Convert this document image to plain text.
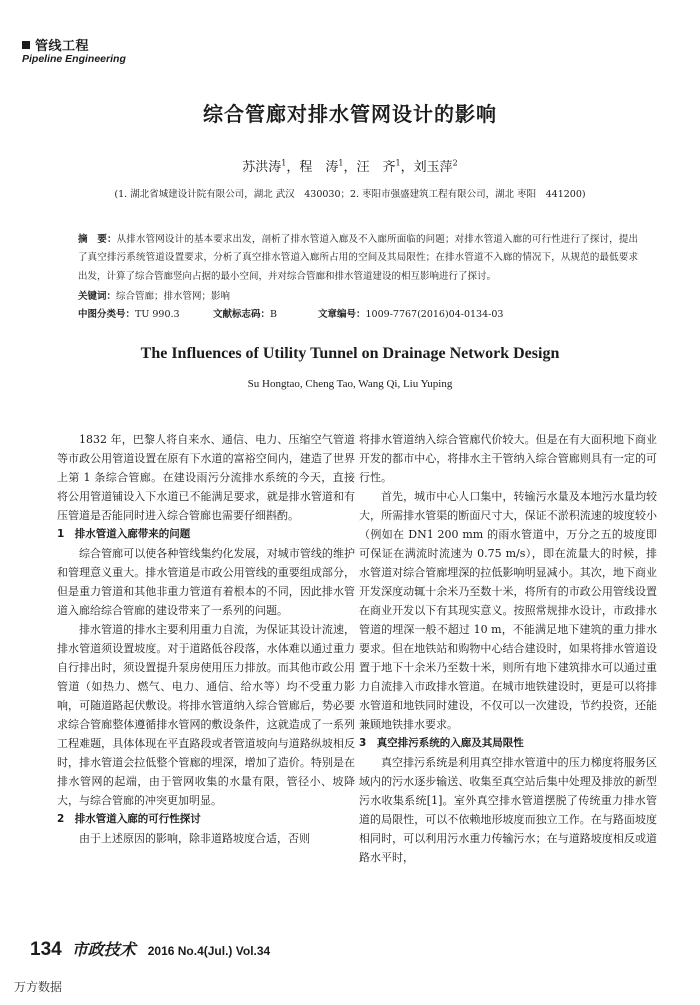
管线工程
Pipeline Engineering
综合管廊对排水管网设计的影响
苏洪涛$^1$，程　涛$^1$，汪　齐$^1$，刘玉萍$^2$
(1. 湖北省城建设计院有限公司，湖北 武汉　430030；2. 枣阳市强盛建筑工程有限公司，湖北 枣阳　441200)
摘　要：从排水管网设计的基本要求出发，剖析了排水管道入廊及不入廊所面临的问题；对排水管道入廊的可行性进行了探讨，提出了真空排污系统管道设置要求，分析了真空排水管道入廊所占用的空间及其局限性；在排水管道不入廊的情况下，从规范的最低要求出发，计算了综合管廊竖向占据的最小空间，并对综合管廊和排水管道建设的相互影响进行了探讨。
关键词：综合管廊；排水管网；影响
中图分类号：TU 990.3	文献标志码：B	文章编号：1009-7767(2016)04-0134-03
The Influences of Utility Tunnel on Drainage Network Design
Su Hongtao, Cheng Tao, Wang Qi, Liu Yuping

1832 年，巴黎人将自来水、通信、电力、压缩空气管道等市政公用管道设置在原有下水道的富裕空间内，建造了世界上第 1 条综合管廊。在建设雨污分流排水系统的今天，直接将公用管道铺设入下水道已不能满足要求，就是排水管道和有压管道是否能同时进入综合管廊也需要仔细斟酌。

1　排水管道入廊带来的问题

综合管廊可以使各种管线集约化发展，对城市管线的维护和管理意义重大。排水管道是市政公用管线的重要组成部分，但是重力管道和其他非重力管道有着根本的不同，因此排水管道入廊给综合管廊的建设带来了一系列的问题。

排水管道的排水主要利用重力自流，为保证其设计流速，排水管道须设置坡度。对于道路低谷段落，水体难以通过重力自行排出时，须设置提升泵房使用压力排放。而其他市政公用管道（如热力、燃气、电力、通信、给水等）均不受重力影响，可随道路起伏敷设。将排水管道纳入综合管廊后，势必要求综合管廊整体遵循排水管网的敷设条件，这就造成了一系列工程难题，具体体现在平直路段或者管道坡向与道路纵坡相反时，排水管道会拉低整个管廊的埋深，增加了造价。特别是在排水管网的起端，由于管网收集的水量有限，管径小、坡降大，与综合管廊的冲突更加明显。

2　排水管道入廊的可行性探讨

由于上述原因的影响，除非道路坡度合适，否则

将排水管道纳入综合管廊代价较大。但是在有大面积地下商业开发的都市中心，将排水主干管纳入综合管廊则具有一定的可行性。

首先，城市中心人口集中，转输污水量及本地污水量均较大，所需排水管渠的断面尺寸大，保证不淤积流速的坡度较小（例如在 DN1 200 mm 的雨水管道中，万分之五的坡度即可保证在满流时流速为 0.75 m/s），即在流量大的时候，排水管道对综合管廊埋深的拉低影响明显减小。其次，地下商业开发深度动辄十余米乃至数十米，将所有的市政公用管线设置在商业开发以下有其现实意义。按照常规排水设计，市政排水管道的埋深一般不超过 10 m，不能满足地下建筑的重力排水要求。但在地铁站和购物中心结合建设时，如果将排水管道设置于地下十余米乃至数十米，则所有地下建筑排水可以通过重力自流排入市政排水管道。在城市地铁建设时，更是可以将排水管道和地铁同时建设，不仅可以一次建设，节约投资，还能兼顾地铁排水要求。

3　真空排污系统的入廊及其局限性

真空排污系统是利用真空排水管道中的压力梯度将服务区域内的污水逐步输送、收集至真空站后集中处理及排放的新型污水收集系统[1]。室外真空排水管道摆脱了传统重力排水管道的局限性，可以不依赖地形坡度而独立工作。在与路面坡度相同时，可以利用污水重力传输污水；在与道路坡度相反或道路水平时，

134 市政技术 2016 No.4(Jul.) Vol.34
万方数据
